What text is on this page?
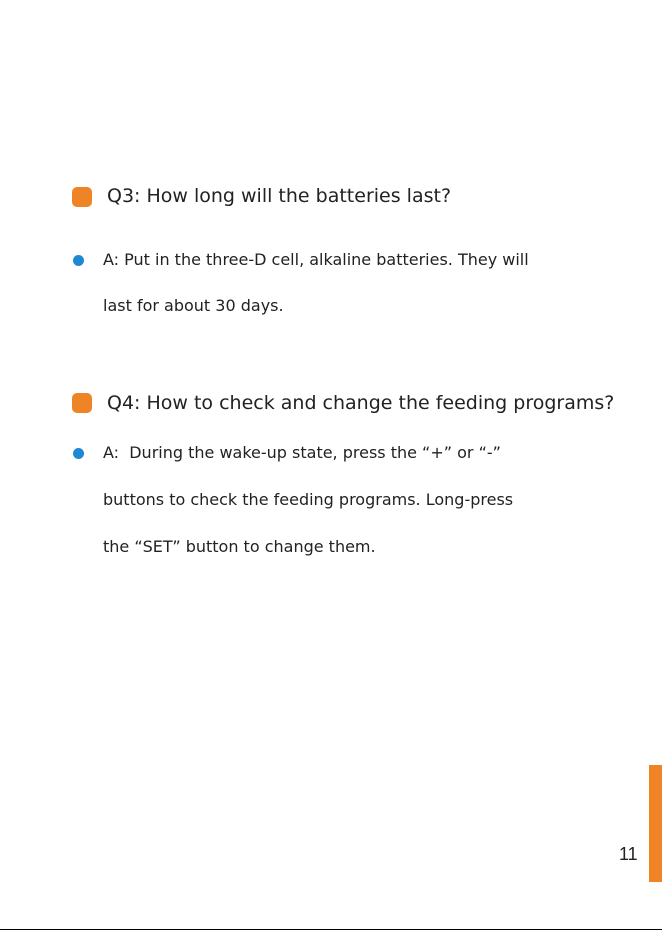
Q3: How long will the batteries last?
A: Put in the three-D cell, alkaline batteries. They will
last for about 30 days.
Q4: How to check and change the feeding programs?
A:  During the wake-up state, press the “+” or “-”
buttons to check the feeding programs. Long-press
the “SET” button to change them.
11
